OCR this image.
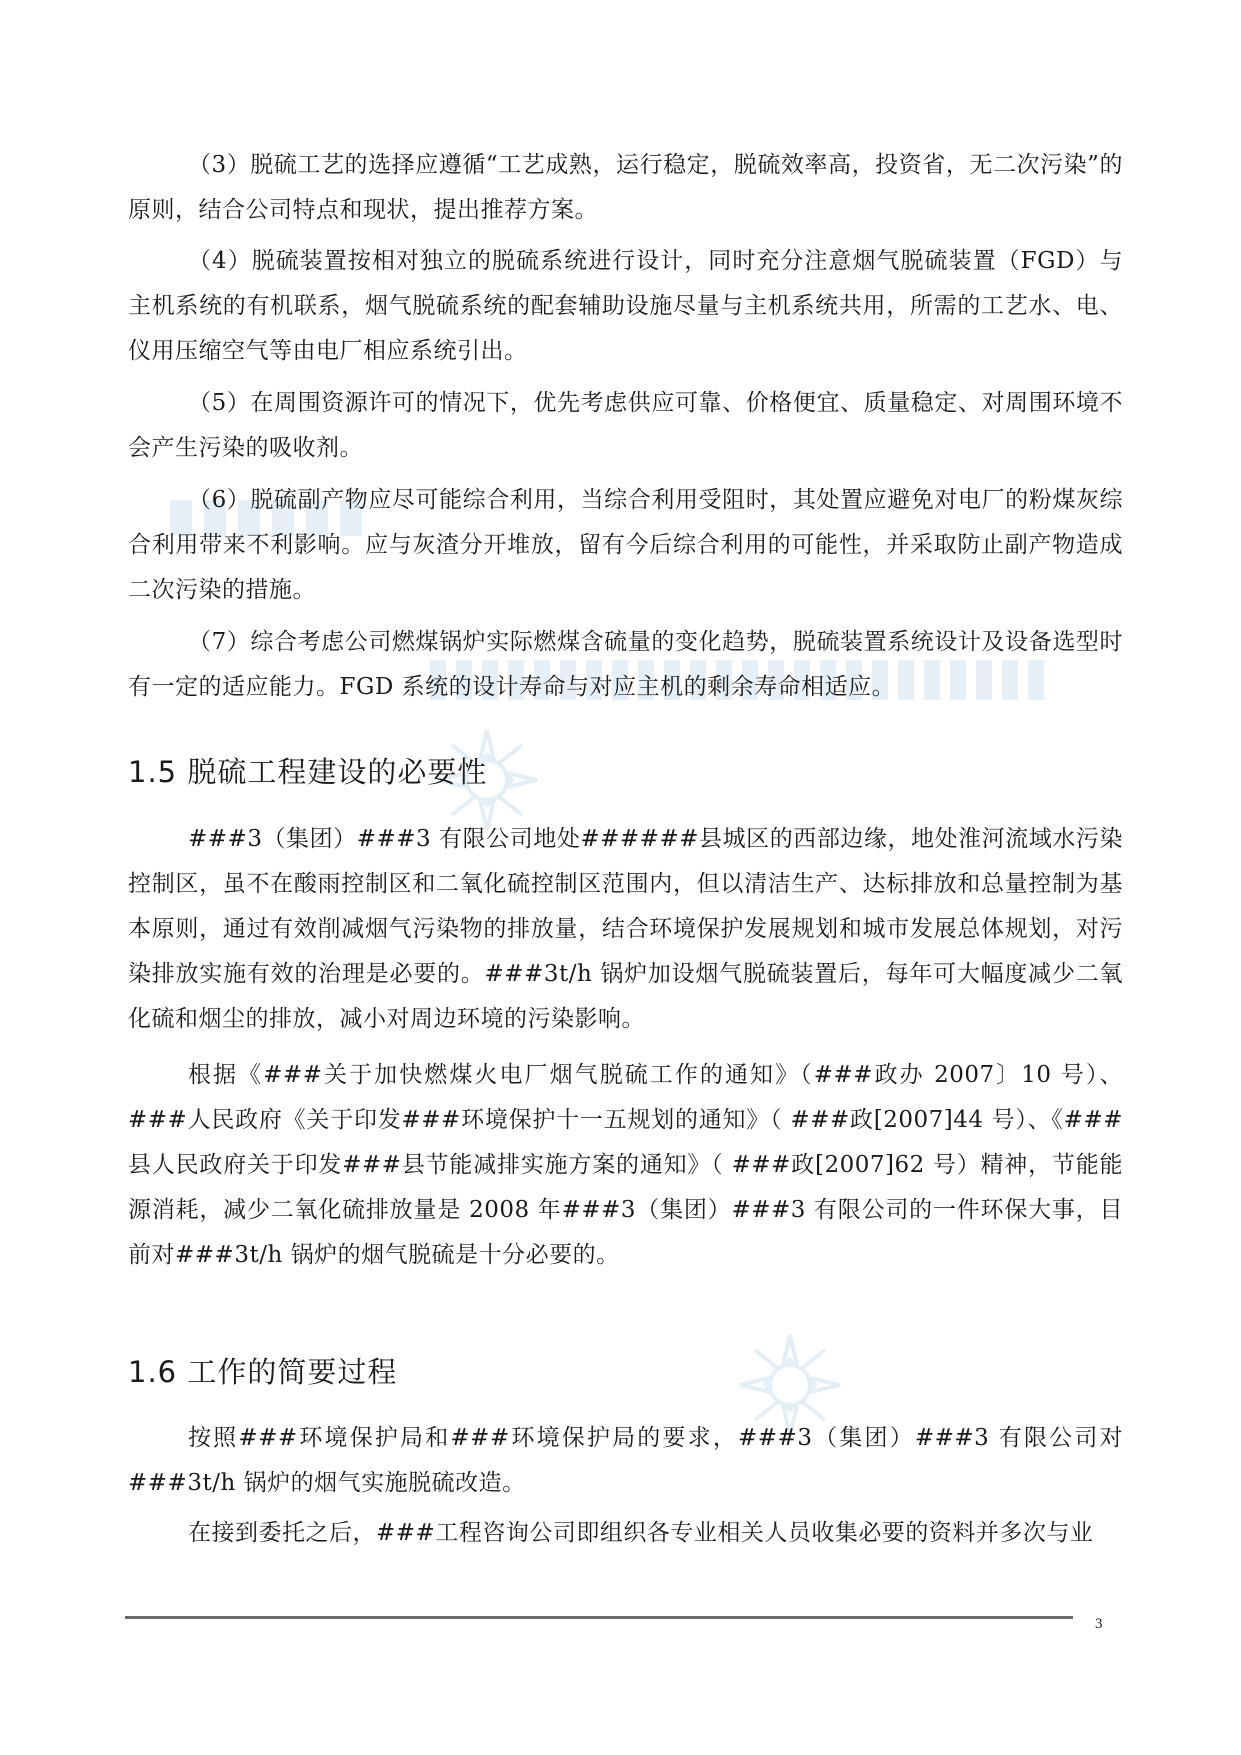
（3）脱硫工艺的选择应遵循“工艺成熟，运行稳定，脱硫效率高，投资省，无二次污染”的原则，结合公司特点和现状，提出推荐方案。

（4）脱硫装置按相对独立的脱硫系统进行设计，同时充分注意烟气脱硫装置（FGD）与主机系统的有机联系，烟气脱硫系统的配套辅助设施尽量与主机系统共用，所需的工艺水、电、仪用压缩空气等由电厂相应系统引出。

（5）在周围资源许可的情况下，优先考虑供应可靠、价格便宜、质量稳定、对周围环境不会产生污染的吸收剂。

（6）脱硫副产物应尽可能综合利用，当综合利用受阻时，其处置应避免对电厂的粉煤灰综合利用带来不利影响。应与灰渣分开堆放，留有今后综合利用的可能性，并采取防止副产物造成二次污染的措施。

（7）综合考虑公司燃煤锅炉实际燃煤含硫量的变化趋势，脱硫装置系统设计及设备选型时有一定的适应能力。FGD 系统的设计寿命与对应主机的剩余寿命相适应。

1.5 脱硫工程建设的必要性

###3（集团）###3 有限公司地处######县城区的西部边缘，地处淮河流域水污染控制区，虽不在酸雨控制区和二氧化硫控制区范围内，但以清洁生产、达标排放和总量控制为基本原则，通过有效削减烟气污染物的排放量，结合环境保护发展规划和城市发展总体规划，对污染排放实施有效的治理是必要的。###3t/h 锅炉加设烟气脱硫装置后，每年可大幅度减少二氧化硫和烟尘的排放，减小对周边环境的污染影响。

根据《###关于加快燃煤火电厂烟气脱硫工作的通知》（###政办 2007〕10 号）、###人民政府《关于印发###环境保护十一五规划的通知》（ ###政[2007]44 号）、《###县人民政府关于印发###县节能减排实施方案的通知》（ ###政[2007]62 号）精神，节能能源消耗，减少二氧化硫排放量是 2008 年###3（集团）###3 有限公司的一件环保大事，目前对###3t/h 锅炉的烟气脱硫是十分必要的。

1.6 工作的简要过程

按照###环境保护局和###环境保护局的要求，###3（集团）###3 有限公司对###3t/h 锅炉的烟气实施脱硫改造。

在接到委托之后，###工程咨询公司即组织各专业相关人员收集必要的资料并多次与业

3
